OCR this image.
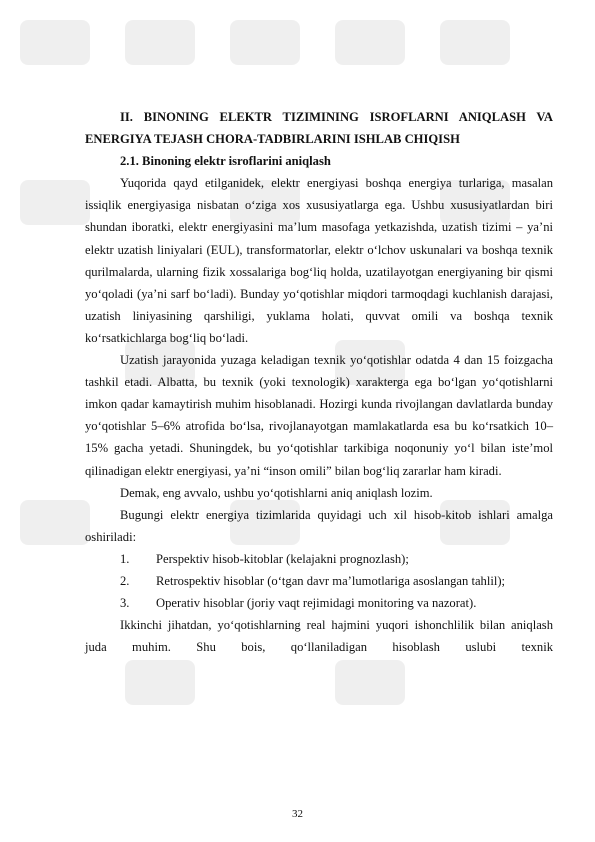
II. BINONING ELEKTR TIZIMINING ISROFLARNI ANIQLASH VA ENERGIYA TEJASH CHORA-TADBIRLARINI ISHLAB CHIQISH

2.1. Binoning elektr isroflarini aniqlash

Yuqorida qayd etilganidek, elektr energiyasi boshqa energiya turlariga, masalan issiqlik energiyasiga nisbatan o‘ziga xos xususiyatlarga ega. Ushbu xususiyatlardan biri shundan iboratki, elektr energiyasini ma’lum masofaga yetkazishda, uzatish tizimi – ya’ni elektr uzatish liniyalari (EUL), transformatorlar, elektr o‘lchov uskunalari va boshqa texnik qurilmalarda, ularning fizik xossalariga bog‘liq holda, uzatilayotgan energiyaning bir qismi yo‘qoladi (ya’ni sarf bo‘ladi). Bunday yo‘qotishlar miqdori tarmoqdagi kuchlanish darajasi, uzatish liniyasining qarshiligi, yuklama holati, quvvat omili va boshqa texnik ko‘rsatkichlarga bog‘liq bo‘ladi.

Uzatish jarayonida yuzaga keladigan texnik yo‘qotishlar odatda 4 dan 15 foizgacha tashkil etadi. Albatta, bu texnik (yoki texnologik) xarakterga ega bo‘lgan yo‘qotishlarni imkon qadar kamaytirish muhim hisoblanadi. Hozirgi kunda rivojlangan davlatlarda bunday yo‘qotishlar 5–6% atrofida bo‘lsa, rivojlanayotgan mamlakatlarda esa bu ko‘rsatkich 10–15% gacha yetadi. Shuningdek, bu yo‘qotishlar tarkibiga noqonuniy yo‘l bilan iste’mol qilinadigan elektr energiyasi, ya’ni “inson omili” bilan bog‘liq zararlar ham kiradi.

Demak, eng avvalo, ushbu yo‘qotishlarni aniq aniqlash lozim.

Bugungi elektr energiya tizimlarida quyidagi uch xil hisob-kitob ishlari amalga oshiriladi:

1.	Perspektiv hisob-kitoblar (kelajakni prognozlash);
2.	Retrospektiv hisoblar (o‘tgan davr ma’lumotlariga asoslangan tahlil);
3.	Operativ hisoblar (joriy vaqt rejimidagi monitoring va nazorat).

Ikkinchi jihatdan, yo‘qotishlarning real hajmini yuqori ishonchlilik bilan aniqlash juda muhim. Shu bois, qo‘llaniladigan hisoblash uslubi texnik

32
